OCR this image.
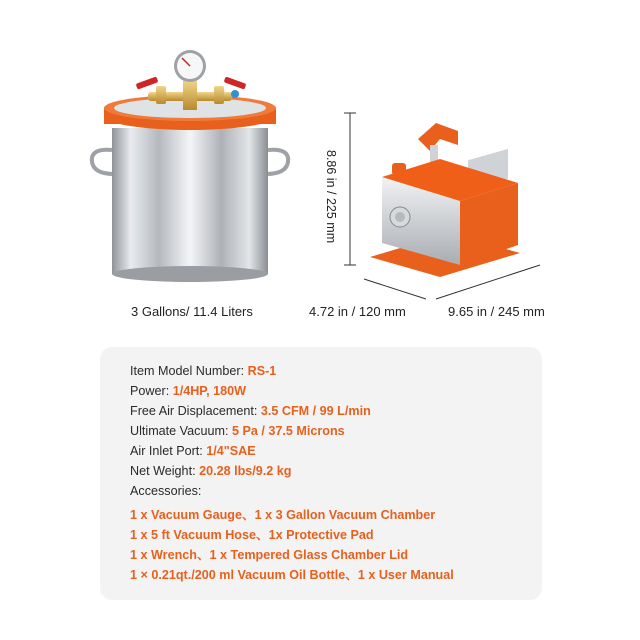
3 Gallons/ 11.4 Liters
8.86 in / 225 mm
4.72 in / 120 mm	9.65 in / 245 mm
Item Model Number: RS-1
Power: 1/4HP, 180W
Free Air Displacement: 3.5 CFM / 99 L/min
Ultimate Vacuum: 5 Pa / 37.5 Microns
Air Inlet Port: 1/4"SAE
Net Weight: 20.28 lbs/9.2 kg
Accessories:
1 x Vacuum Gauge、1 x 3 Gallon Vacuum Chamber
1 x 5 ft Vacuum Hose、1x Protective Pad
1 x Wrench、1 x Tempered Glass Chamber Lid
1 × 0.21qt./200 ml Vacuum Oil Bottle、1 x User Manual
